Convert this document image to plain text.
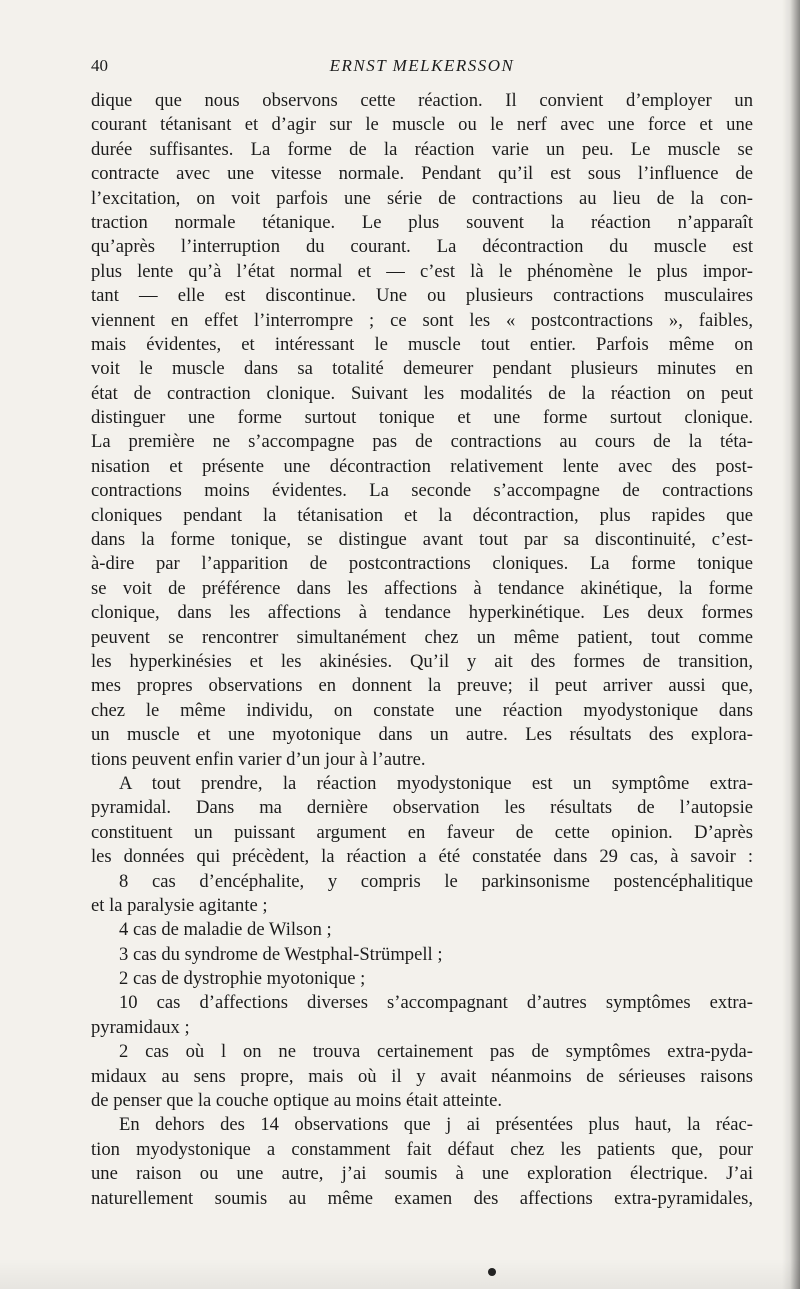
40	ERNST MELKERSSON
dique que nous observons cette réaction. Il convient d’employer un
courant tétanisant et d’agir sur le muscle ou le nerf avec une force et une
durée suffisantes. La forme de la réaction varie un peu. Le muscle se
contracte avec une vitesse normale. Pendant qu’il est sous l’influence de
l’excitation, on voit parfois une série de contractions au lieu de la con-
traction normale tétanique. Le plus souvent la réaction n’apparaît
qu’après l’interruption du courant. La décontraction du muscle est
plus lente qu’à l’état normal et — c’est là le phénomène le plus impor-
tant — elle est discontinue. Une ou plusieurs contractions musculaires
viennent en effet l’interrompre ; ce sont les « postcontractions », faibles,
mais évidentes, et intéressant le muscle tout entier. Parfois même on
voit le muscle dans sa totalité demeurer pendant plusieurs minutes en
état de contraction clonique. Suivant les modalités de la réaction on peut
distinguer une forme surtout tonique et une forme surtout clonique.
La première ne s’accompagne pas de contractions au cours de la téta-
nisation et présente une décontraction relativement lente avec des post-
contractions moins évidentes. La seconde s’accompagne de contractions
cloniques pendant la tétanisation et la décontraction, plus rapides que
dans la forme tonique, se distingue avant tout par sa discontinuité, c’est-
à-dire par l’apparition de postcontractions cloniques. La forme tonique
se voit de préférence dans les affections à tendance akinétique, la forme
clonique, dans les affections à tendance hyperkinétique. Les deux formes
peuvent se rencontrer simultanément chez un même patient, tout comme
les hyperkinésies et les akinésies. Qu’il y ait des formes de transition,
mes propres observations en donnent la preuve; il peut arriver aussi que,
chez le même individu, on constate une réaction myodystonique dans
un muscle et une myotonique dans un autre. Les résultats des explora-
tions peuvent enfin varier d’un jour à l’autre.
A tout prendre, la réaction myodystonique est un symptôme extra-
pyramidal. Dans ma dernière observation les résultats de l’autopsie
constituent un puissant argument en faveur de cette opinion. D’après
les données qui précèdent, la réaction a été constatée dans 29 cas, à savoir :
8 cas d’encéphalite, y compris le parkinsonisme postencéphalitique
et la paralysie agitante ;
4 cas de maladie de Wilson ;
3 cas du syndrome de Westphal-Strümpell ;
2 cas de dystrophie myotonique ;
10 cas d’affections diverses s’accompagnant d’autres symptômes extra-
pyramidaux ;
2 cas où l on ne trouva certainement pas de symptômes extra-pyda-
midaux au sens propre, mais où il y avait néanmoins de sérieuses raisons
de penser que la couche optique au moins était atteinte.
En dehors des 14 observations que j ai présentées plus haut, la réac-
tion myodystonique a constamment fait défaut chez les patients que, pour
une raison ou une autre, j’ai soumis à une exploration électrique. J’ai
naturellement soumis au même examen des affections extra-pyramidales,
